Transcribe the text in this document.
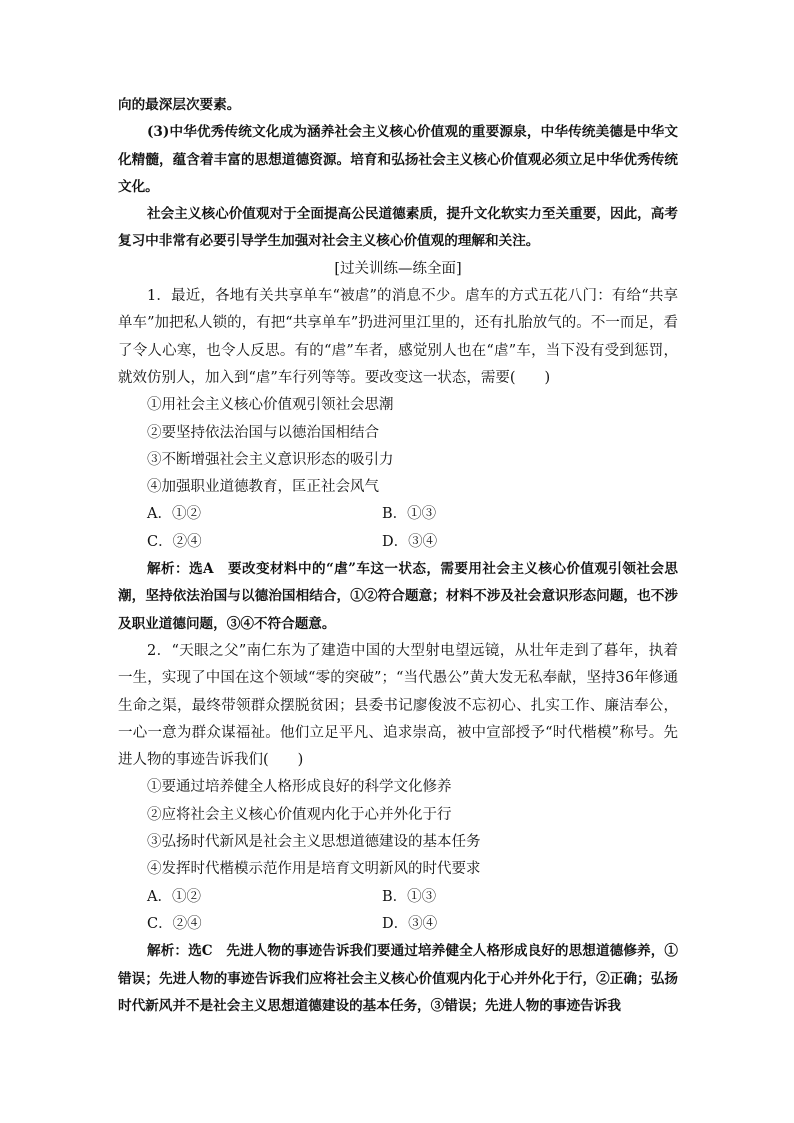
向的最深层次要素。

(3)中华优秀传统文化成为涵养社会主义核心价值观的重要源泉，中华传统美德是中华文化精髓，蕴含着丰富的思想道德资源。培育和弘扬社会主义核心价值观必须立足中华优秀传统文化。

社会主义核心价值观对于全面提高公民道德素质，提升文化软实力至关重要，因此，高考复习中非常有必要引导学生加强对社会主义核心价值观的理解和关注。

[过关训练—练全面]

1．最近，各地有关共享单车“被虐”的消息不少。虐车的方式五花八门：有给“共享单车”加把私人锁的，有把“共享单车”扔进河里江里的，还有扎胎放气的。不一而足，看了令人心寒，也令人反思。有的“虐”车者，感觉别人也在“虐”车，当下没有受到惩罚，就效仿别人，加入到“虐”车行列等等。要改变这一状态，需要(　　)

①用社会主义核心价值观引领社会思潮

②要坚持依法治国与以德治国相结合

③不断增强社会主义意识形态的吸引力

④加强职业道德教育，匡正社会风气

A．①②	B．①③
C．②④	D．③④

解析：选A　要改变材料中的“虐”车这一状态，需要用社会主义核心价值观引领社会思潮，坚持依法治国与以德治国相结合，①②符合题意；材料不涉及社会意识形态问题，也不涉及职业道德问题，③④不符合题意。

2．“天眼之父”南仁东为了建造中国的大型射电望远镜，从壮年走到了暮年，执着一生，实现了中国在这个领域“零的突破”；“当代愚公”黄大发无私奉献，坚持36年修通生命之渠，最终带领群众摆脱贫困；县委书记廖俊波不忘初心、扎实工作、廉洁奉公，一心一意为群众谋福祉。他们立足平凡、追求崇高，被中宣部授予“时代楷模”称号。先进人物的事迹告诉我们(　　)

①要通过培养健全人格形成良好的科学文化修养

②应将社会主义核心价值观内化于心并外化于行

③弘扬时代新风是社会主义思想道德建设的基本任务

④发挥时代楷模示范作用是培育文明新风的时代要求

A．①②	B．①③
C．②④	D．③④

解析：选C　先进人物的事迹告诉我们要通过培养健全人格形成良好的思想道德修养，①错误；先进人物的事迹告诉我们应将社会主义核心价值观内化于心并外化于行，②正确；弘扬时代新风并不是社会主义思想道德建设的基本任务，③错误；先进人物的事迹告诉我
